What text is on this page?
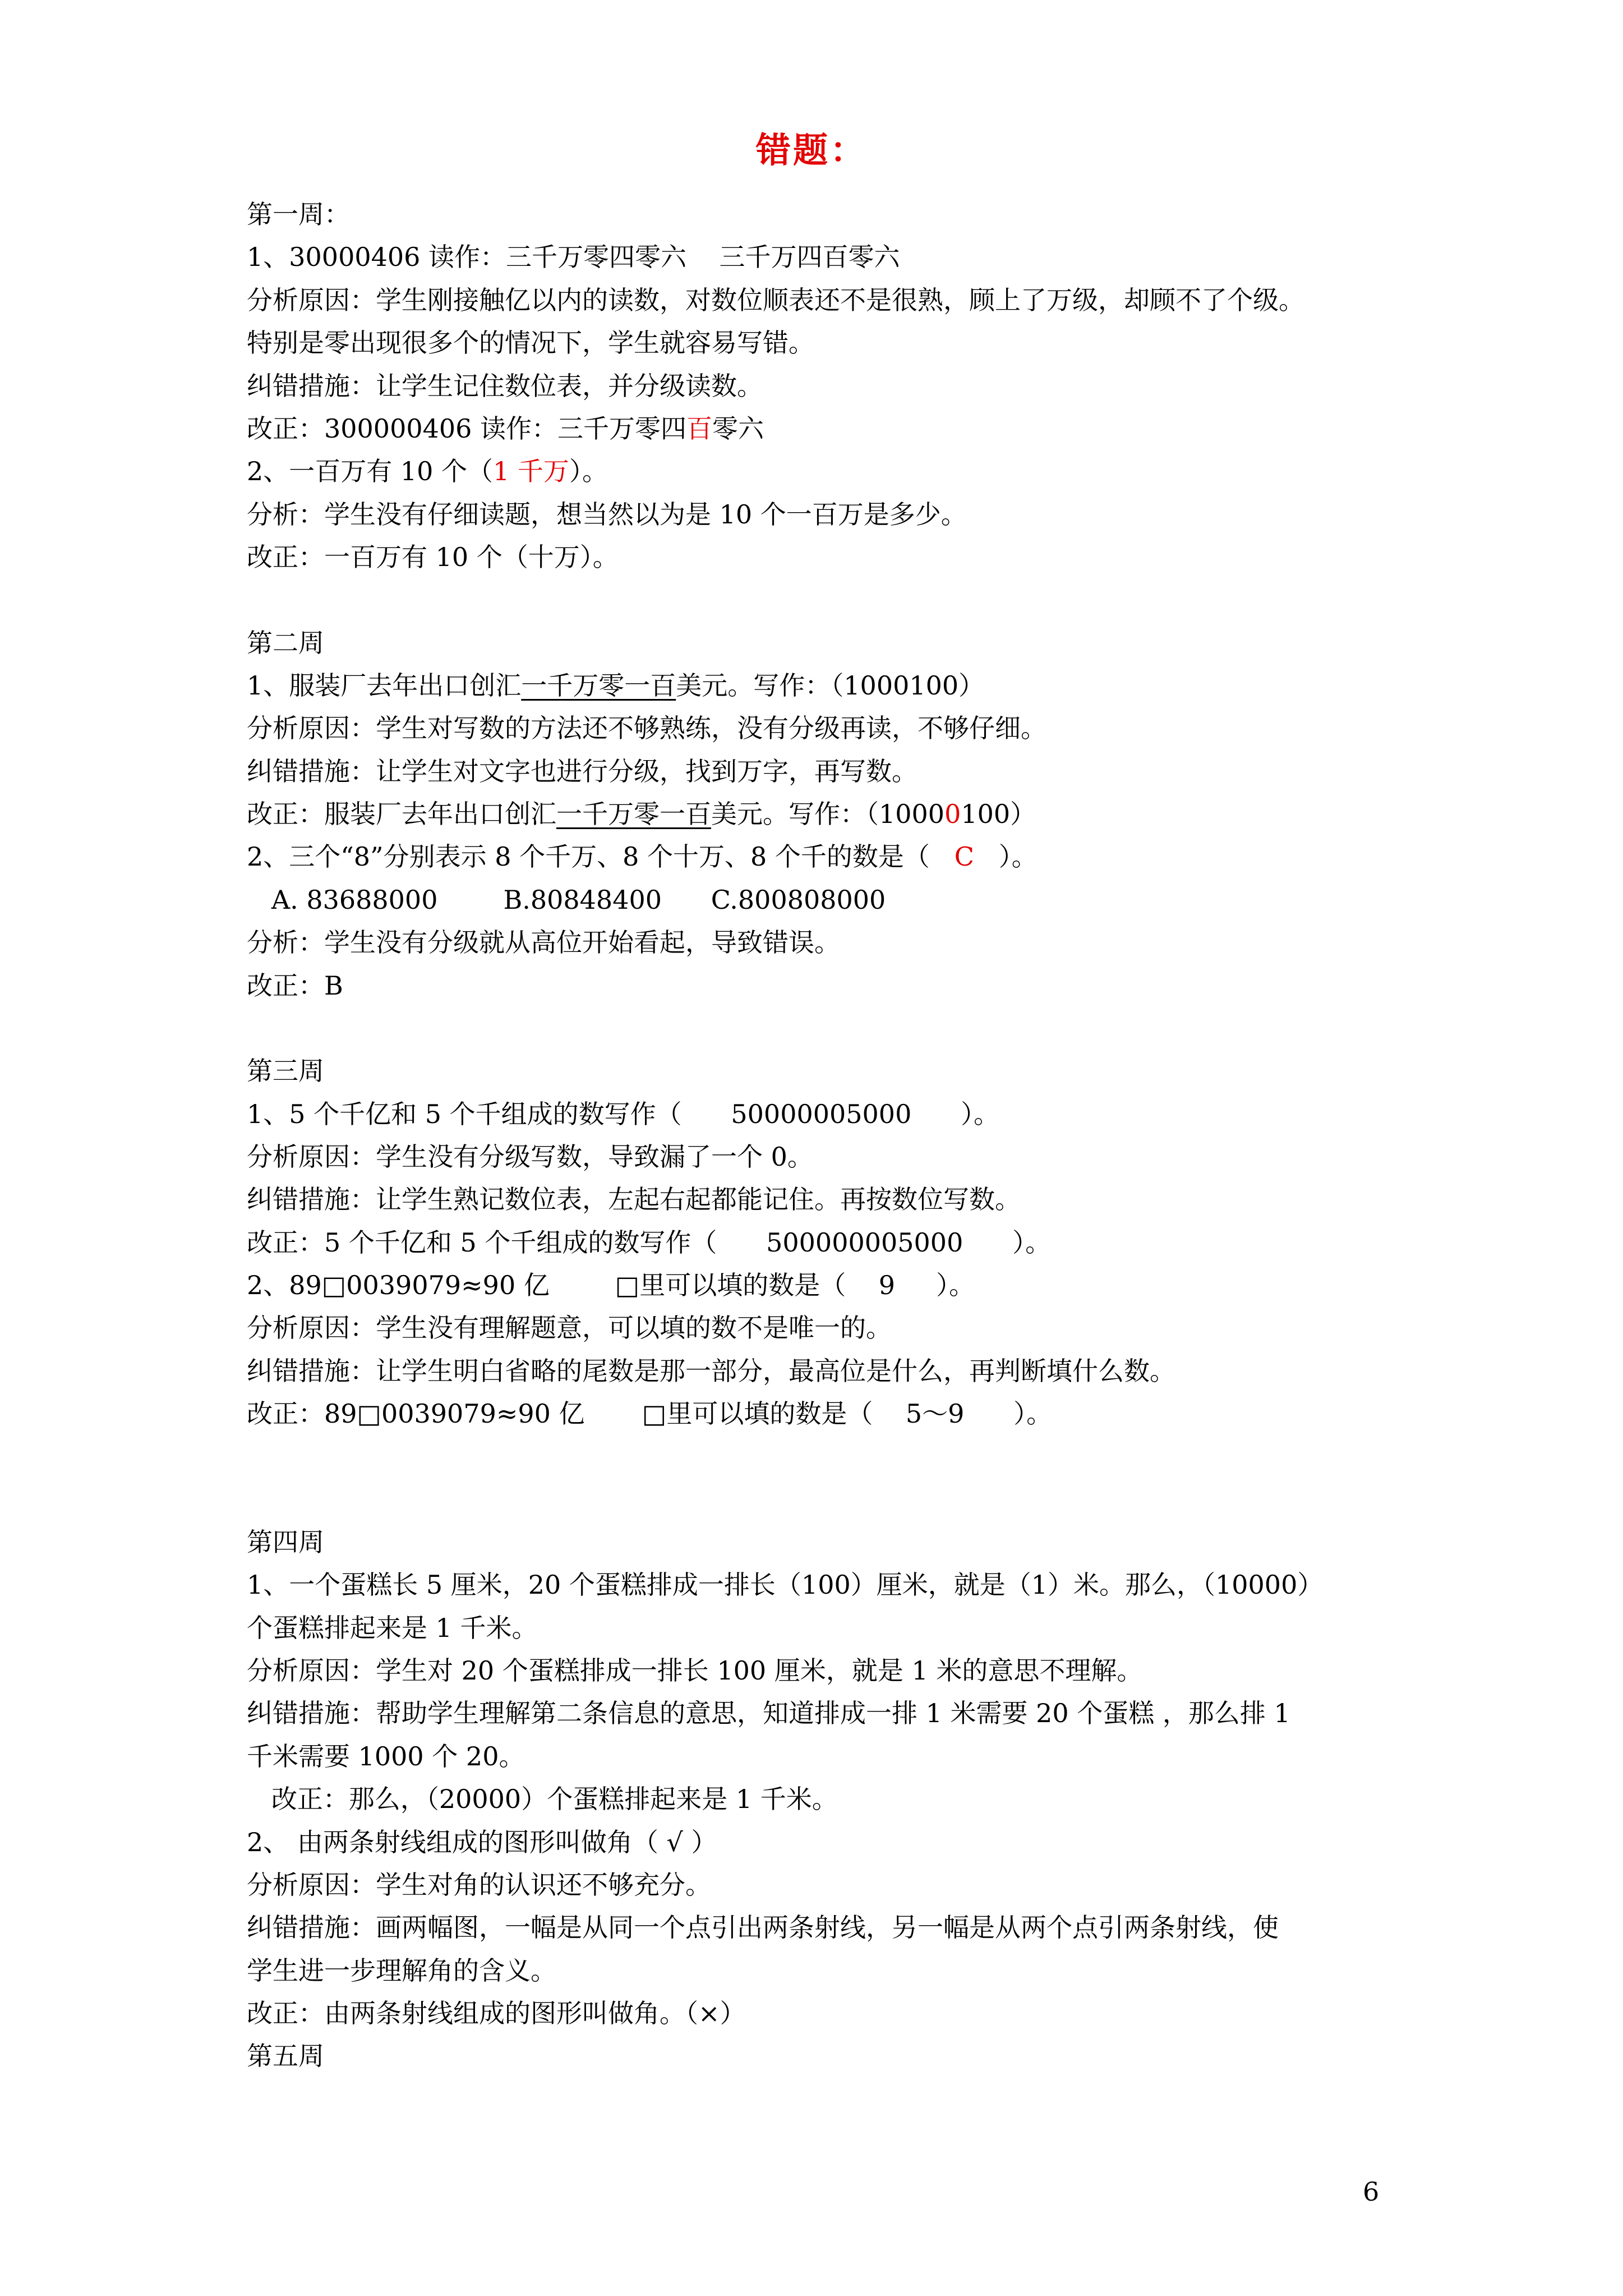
错题：
第一周：
1、30000406 读作：三千万零四零六    三千万四百零六
分析原因：学生刚接触亿以内的读数，对数位顺表还不是很熟，顾上了万级，却顾不了个级。
特别是零出现很多个的情况下，学生就容易写错。
纠错措施：让学生记住数位表，并分级读数。
改正：300000406 读作：三千万零四百零六
2、一百万有 10 个（1 千万）。
分析：学生没有仔细读题，想当然以为是 10 个一百万是多少。
改正：一百万有 10 个（十万）。
第二周
1、服装厂去年出口创汇一千万零一百美元。写作：（1000100）
分析原因：学生对写数的方法还不够熟练，没有分级再读，不够仔细。
纠错措施：让学生对文字也进行分级，找到万字，再写数。
改正：服装厂去年出口创汇一千万零一百美元。写作：（10000100）
2、三个“8”分别表示 8 个千万、8 个十万、8 个千的数是（   C   ）。
A. 83688000        B.80848400      C.800808000
分析：学生没有分级就从高位开始看起，导致错误。
改正：B
第三周
1、5 个千亿和 5 个千组成的数写作（      50000005000      ）。
分析原因：学生没有分级写数，导致漏了一个 0。
纠错措施：让学生熟记数位表，左起右起都能记住。再按数位写数。
改正：5 个千亿和 5 个千组成的数写作（      500000005000      ）。
2、89□0039079≈90 亿        □里可以填的数是（    9     ）。
分析原因：学生没有理解题意，可以填的数不是唯一的。
纠错措施：让学生明白省略的尾数是那一部分，最高位是什么，再判断填什么数。
改正：89□0039079≈90 亿       □里可以填的数是（    5～9      ）。
第四周
1、一个蛋糕长 5 厘米，20 个蛋糕排成一排长（100）厘米，就是（1）米。那么，（10000）
个蛋糕排起来是 1 千米。
分析原因：学生对 20 个蛋糕排成一排长 100 厘米，就是 1 米的意思不理解。
纠错措施：帮助学生理解第二条信息的意思，知道排成一排 1 米需要 20 个蛋糕 ，那么排 1
千米需要 1000 个 20。
改正：那么，（20000）个蛋糕排起来是 1 千米。
2、 由两条射线组成的图形叫做角（ √ ）
分析原因：学生对角的认识还不够充分。
纠错措施：画两幅图，一幅是从同一个点引出两条射线，另一幅是从两个点引两条射线，使
学生进一步理解角的含义。
改正：由两条射线组成的图形叫做角。（×）
第五周
6
